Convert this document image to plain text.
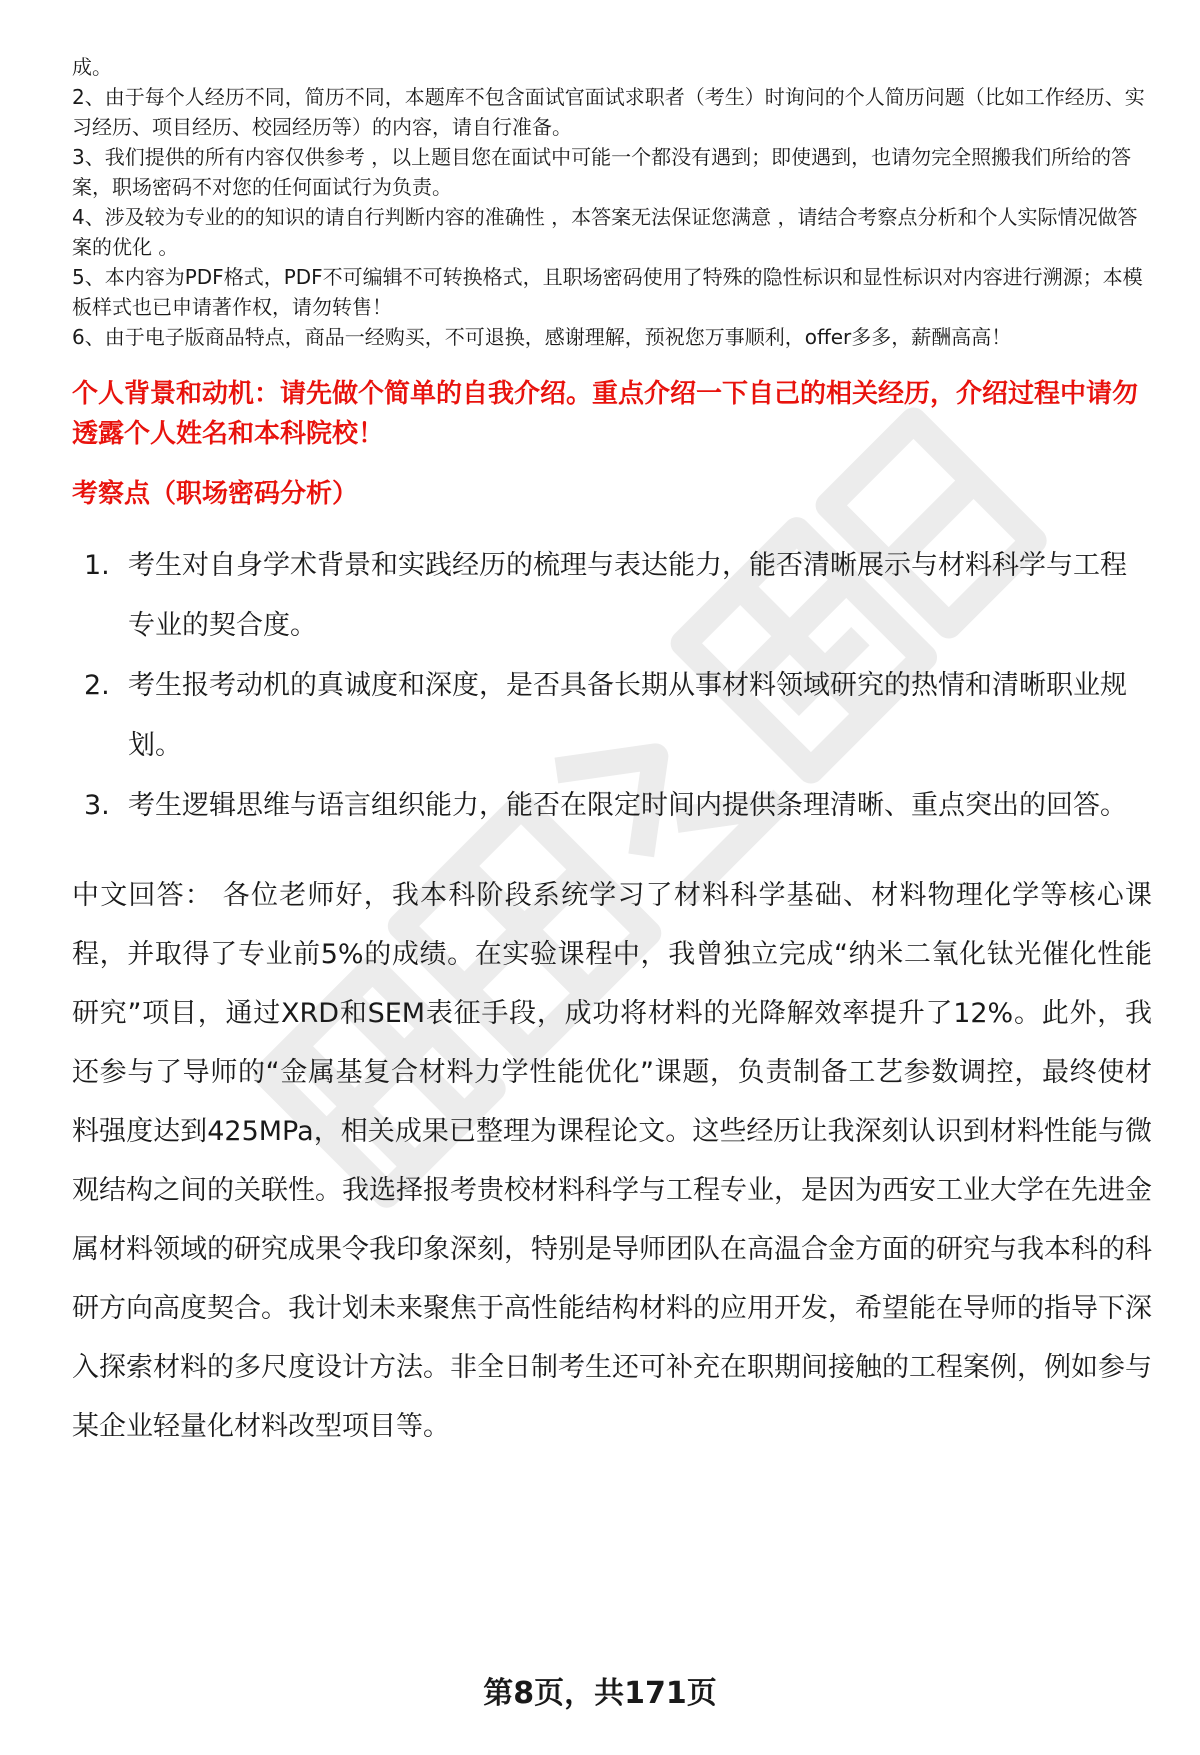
成。

2、由于每个人经历不同，简历不同，本题库不包含面试官面试求职者（考生）时询问的个人简历问题（比如工作经历、实习经历、项目经历、校园经历等）的内容，请自行准备。

3、我们提供的所有内容仅供参考 ，以上题目您在面试中可能一个都没有遇到；即使遇到，也请勿完全照搬我们所给的答案，职场密码不对您的任何面试行为负责。

4、涉及较为专业的的知识的请自行判断内容的准确性 ，本答案无法保证您满意 ，请结合考察点分析和个人实际情况做答案的优化 。

5、本内容为PDF格式，PDF不可编辑不可转换格式，且职场密码使用了特殊的隐性标识和显性标识对内容进行溯源；本模板样式也已申请著作权，请勿转售！

6、由于电子版商品特点，商品一经购买，不可退换，感谢理解，预祝您万事顺利，offer多多，薪酬高高！

个人背景和动机：请先做个简单的自我介绍。重点介绍一下自己的相关经历，介绍过程中请勿透露个人姓名和本科院校！
考察点（职场密码分析）
1. 考生对自身学术背景和实践经历的梳理与表达能力，能否清晰展示与材料科学与工程专业的契合度。
2. 考生报考动机的真诚度和深度，是否具备长期从事材料领域研究的热情和清晰职业规划。
3. 考生逻辑思维与语言组织能力，能否在限定时间内提供条理清晰、重点突出的回答。
中文回答： 各位老师好，我本科阶段系统学习了材料科学基础、材料物理化学等核心课程，并取得了专业前5%的成绩。在实验课程中，我曾独立完成“纳米二氧化钛光催化性能研究”项目，通过XRD和SEM表征手段，成功将材料的光降解效率提升了12%。此外，我还参与了导师的“金属基复合材料力学性能优化”课题，负责制备工艺参数调控，最终使材料强度达到425MPa，相关成果已整理为课程论文。这些经历让我深刻认识到材料性能与微观结构之间的关联性。我选择报考贵校材料科学与工程专业，是因为西安工业大学在先进金属材料领域的研究成果令我印象深刻，特别是导师团队在高温合金方面的研究与我本科的科研方向高度契合。我计划未来聚焦于高性能结构材料的应用开发，希望能在导师的指导下深入探索材料的多尺度设计方法。非全日制考生还可补充在职期间接触的工程案例，例如参与某企业轻量化材料改型项目等。
第8页，共171页
